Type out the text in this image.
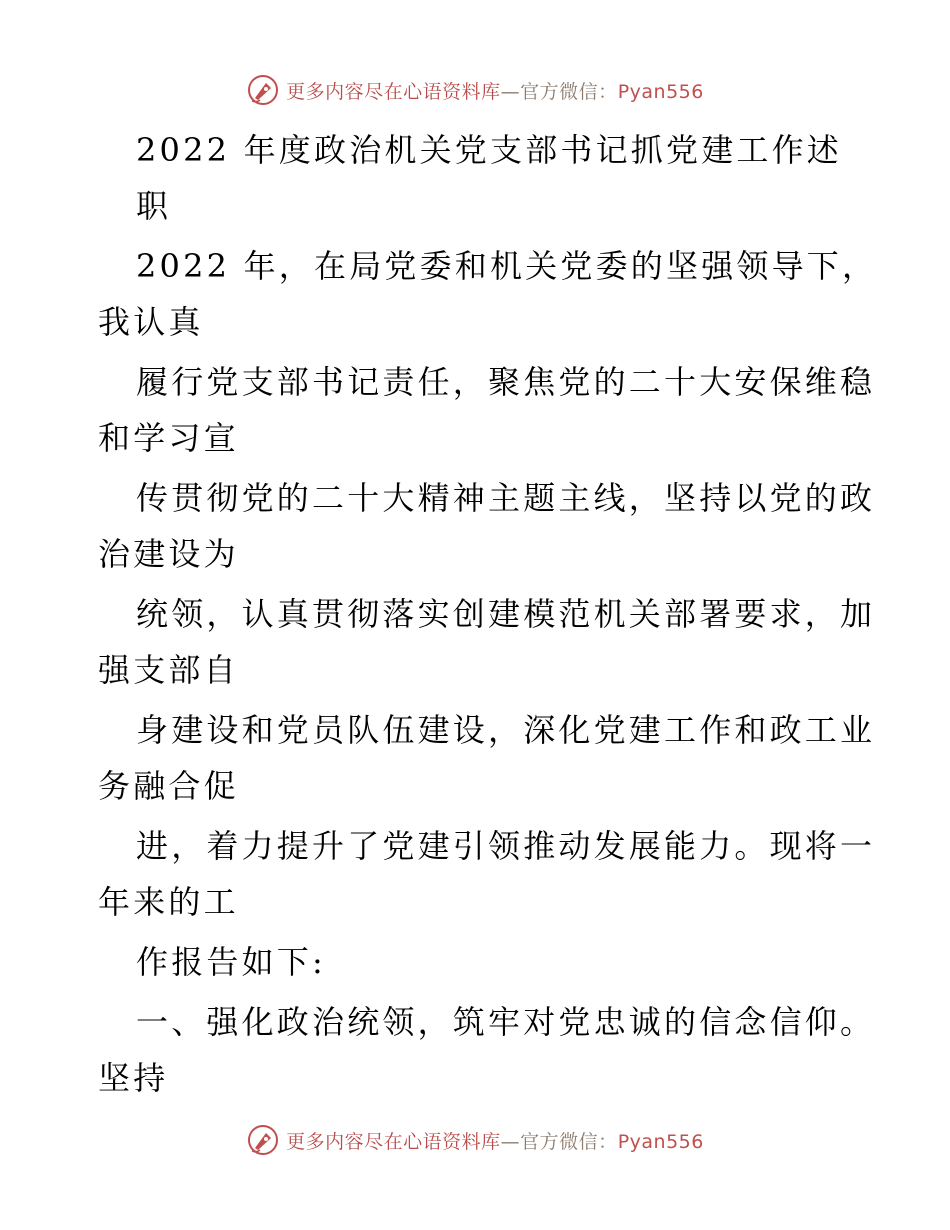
更多内容尽在心语资料库—官方微信：Pyan556
2022 年度政治机关党支部书记抓党建工作述
职
2022 年，在局党委和机关党委的坚强领导下，
我认真
履行党支部书记责任，聚焦党的二十大安保维稳
和学习宣
传贯彻党的二十大精神主题主线，坚持以党的政
治建设为
统领，认真贯彻落实创建模范机关部署要求，加
强支部自
身建设和党员队伍建设，深化党建工作和政工业
务融合促
进，着力提升了党建引领推动发展能力。现将一
年来的工
作报告如下:
一、强化政治统领，筑牢对党忠诚的信念信仰。
坚持
更多内容尽在心语资料库—官方微信：Pyan556
